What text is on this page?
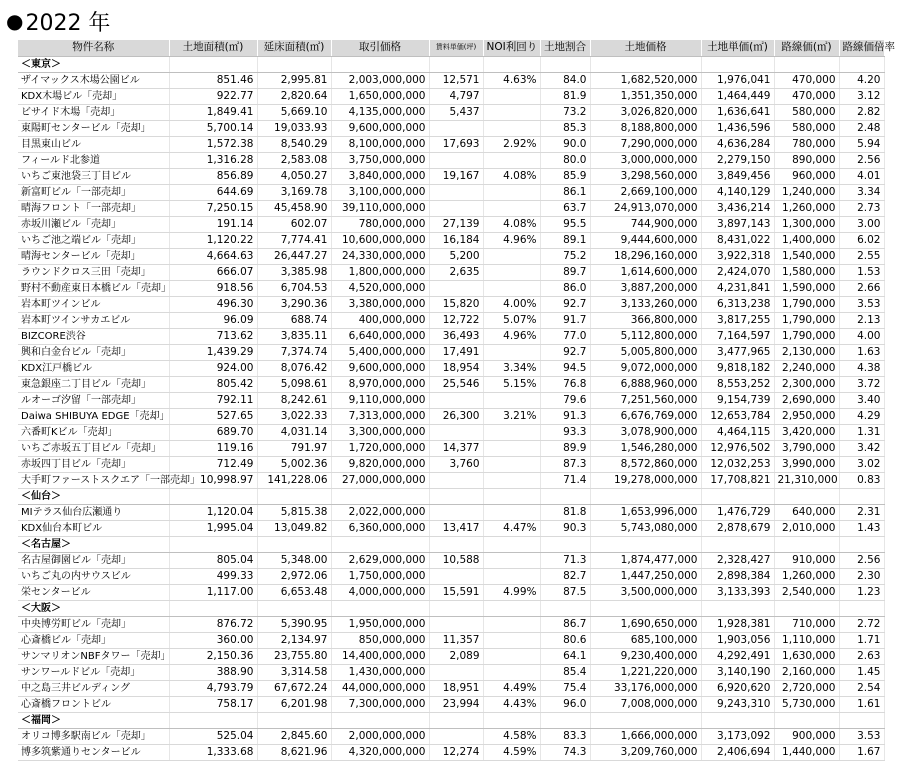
● 2022 年
物件名称	土地面積(㎡)	延床面積(㎡)	取引価格	賃料単価(坪)	NOI利回り	土地割合	土地価格	土地単価(㎡)	路線価(㎡)	路線価倍率
＜東京＞										
ザイマックス木場公園ビル	851.46	2,995.81	2,003,000,000	12,571	4.63%	84.0	1,682,520,000	1,976,041	470,000	4.20
KDX木場ビル「売却」	922.77	2,820.64	1,650,000,000	4,797		81.9	1,351,350,000	1,464,449	470,000	3.12
ビサイド木場「売却」	1,849.41	5,669.10	4,135,000,000	5,437		73.2	3,026,820,000	1,636,641	580,000	2.82
東陽町センタービル「売却」	5,700.14	19,033.93	9,600,000,000			85.3	8,188,800,000	1,436,596	580,000	2.48
目黒東山ビル	1,572.38	8,540.29	8,100,000,000	17,693	2.92%	90.0	7,290,000,000	4,636,284	780,000	5.94
フィールド北参道	1,316.28	2,583.08	3,750,000,000			80.0	3,000,000,000	2,279,150	890,000	2.56
いちご東池袋三丁目ビル	856.89	4,050.27	3,840,000,000	19,167	4.08%	85.9	3,298,560,000	3,849,456	960,000	4.01
新富町ビル「一部売却」	644.69	3,169.78	3,100,000,000			86.1	2,669,100,000	4,140,129	1,240,000	3.34
晴海フロント「一部売却」	7,250.15	45,458.90	39,110,000,000			63.7	24,913,070,000	3,436,214	1,260,000	2.73
赤坂川瀬ビル「売却」	191.14	602.07	780,000,000	27,139	4.08%	95.5	744,900,000	3,897,143	1,300,000	3.00
いちご池之端ビル「売却」	1,120.22	7,774.41	10,600,000,000	16,184	4.96%	89.1	9,444,600,000	8,431,022	1,400,000	6.02
晴海センタービル「売却」	4,664.63	26,447.27	24,330,000,000	5,200		75.2	18,296,160,000	3,922,318	1,540,000	2.55
ラウンドクロス三田「売却」	666.07	3,385.98	1,800,000,000	2,635		89.7	1,614,600,000	2,424,070	1,580,000	1.53
野村不動産東日本橋ビル「売却」	918.56	6,704.53	4,520,000,000			86.0	3,887,200,000	4,231,841	1,590,000	2.66
岩本町ツインビル	496.30	3,290.36	3,380,000,000	15,820	4.00%	92.7	3,133,260,000	6,313,238	1,790,000	3.53
岩本町ツインサカエビル	96.09	688.74	400,000,000	12,722	5.07%	91.7	366,800,000	3,817,255	1,790,000	2.13
BIZCORE渋谷	713.62	3,835.11	6,640,000,000	36,493	4.96%	77.0	5,112,800,000	7,164,597	1,790,000	4.00
興和白金台ビル「売却」	1,439.29	7,374.74	5,400,000,000	17,491		92.7	5,005,800,000	3,477,965	2,130,000	1.63
KDX江戸橋ビル	924.00	8,076.42	9,600,000,000	18,954	3.34%	94.5	9,072,000,000	9,818,182	2,240,000	4.38
東急銀座二丁目ビル「売却」	805.42	5,098.61	8,970,000,000	25,546	5.15%	76.8	6,888,960,000	8,553,252	2,300,000	3.72
ルオーゴ汐留「一部売却」	792.11	8,242.61	9,110,000,000			79.6	7,251,560,000	9,154,739	2,690,000	3.40
Daiwa SHIBUYA EDGE「売却」	527.65	3,022.33	7,313,000,000	26,300	3.21%	91.3	6,676,769,000	12,653,784	2,950,000	4.29
六番町Kビル「売却」	689.70	4,031.14	3,300,000,000			93.3	3,078,900,000	4,464,115	3,420,000	1.31
いちご赤坂五丁目ビル「売却」	119.16	791.97	1,720,000,000	14,377		89.9	1,546,280,000	12,976,502	3,790,000	3.42
赤坂四丁目ビル「売却」	712.49	5,002.36	9,820,000,000	3,760		87.3	8,572,860,000	12,032,253	3,990,000	3.02
大手町ファーストスクエア「一部売却」	10,998.97	141,228.06	27,000,000,000			71.4	19,278,000,000	17,708,821	21,310,000	0.83
＜仙台＞										
MIテラス仙台広瀬通り	1,120.04	5,815.38	2,022,000,000			81.8	1,653,996,000	1,476,729	640,000	2.31
KDX仙台本町ビル	1,995.04	13,049.82	6,360,000,000	13,417	4.47%	90.3	5,743,080,000	2,878,679	2,010,000	1.43
＜名古屋＞										
名古屋御園ビル「売却」	805.04	5,348.00	2,629,000,000	10,588		71.3	1,874,477,000	2,328,427	910,000	2.56
いちご丸の内サウスビル	499.33	2,972.06	1,750,000,000			82.7	1,447,250,000	2,898,384	1,260,000	2.30
栄センタービル	1,117.00	6,653.48	4,000,000,000	15,591	4.99%	87.5	3,500,000,000	3,133,393	2,540,000	1.23
＜大阪＞										
中央博労町ビル「売却」	876.72	5,390.95	1,950,000,000			86.7	1,690,650,000	1,928,381	710,000	2.72
心斎橋ビル「売却」	360.00	2,134.97	850,000,000	11,357		80.6	685,100,000	1,903,056	1,110,000	1.71
サンマリオンNBFタワー「売却」	2,150.36	23,755.80	14,400,000,000	2,089		64.1	9,230,400,000	4,292,491	1,630,000	2.63
サンワールドビル「売却」	388.90	3,314.58	1,430,000,000			85.4	1,221,220,000	3,140,190	2,160,000	1.45
中之島三井ビルディング	4,793.79	67,672.24	44,000,000,000	18,951	4.49%	75.4	33,176,000,000	6,920,620	2,720,000	2.54
心斎橋フロントビル	758.17	6,201.98	7,300,000,000	23,994	4.43%	96.0	7,008,000,000	9,243,310	5,730,000	1.61
＜福岡＞										
オリコ博多駅南ビル「売却」	525.04	2,845.60	2,000,000,000		4.58%	83.3	1,666,000,000	3,173,092	900,000	3.53
博多筑紫通りセンタービル	1,333.68	8,621.96	4,320,000,000	12,274	4.59%	74.3	3,209,760,000	2,406,694	1,440,000	1.67
